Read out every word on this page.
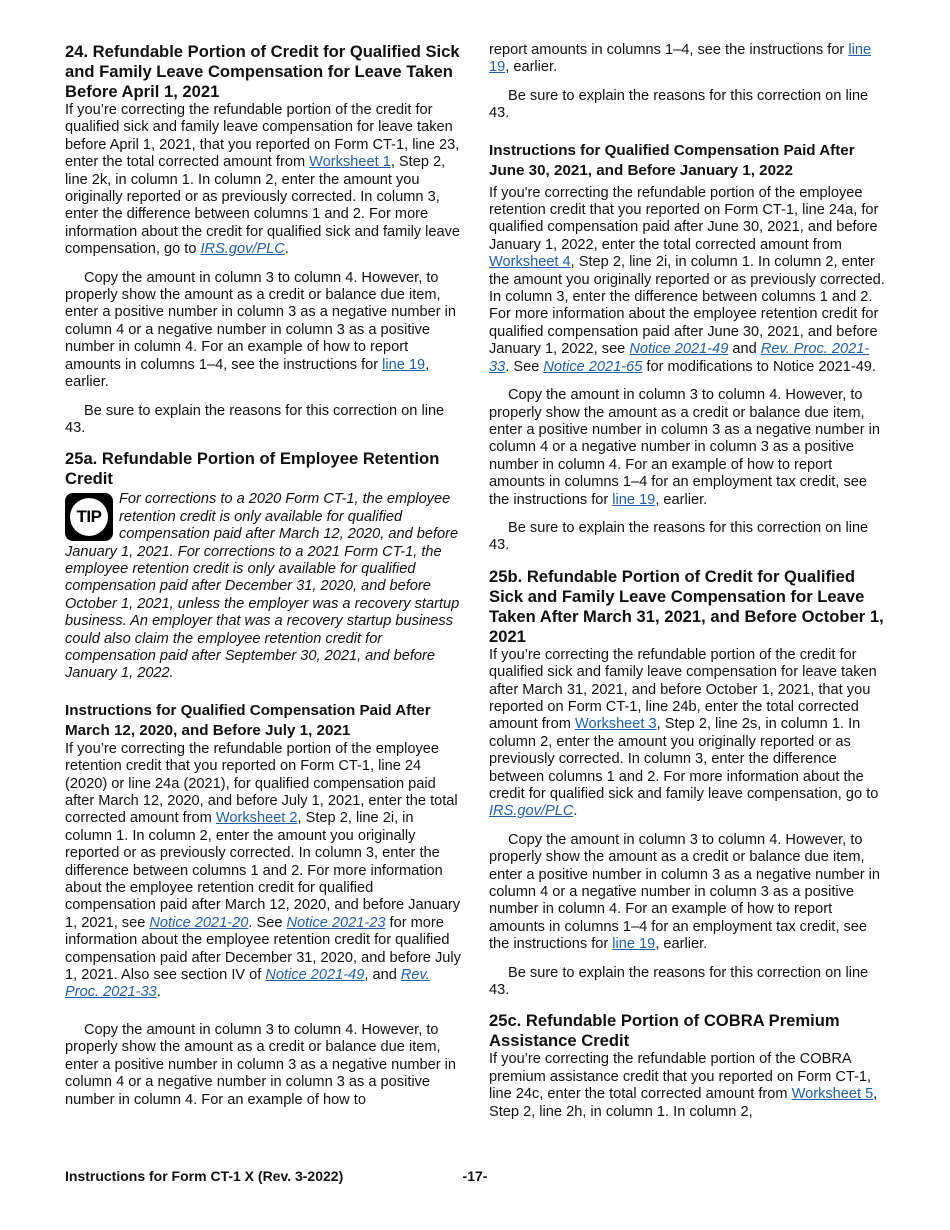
24. Refundable Portion of Credit for Qualified Sick and Family Leave Compensation for Leave Taken Before April 1, 2021

If you’re correcting the refundable portion of the credit for qualified sick and family leave compensation for leave taken before April 1, 2021, that you reported on Form CT-1, line 23, enter the total corrected amount from Worksheet 1, Step 2, line 2k, in column 1. In column 2, enter the amount you originally reported or as previously corrected. In column 3, enter the difference between columns 1 and 2. For more information about the credit for qualified sick and family leave compensation, go to IRS.gov/PLC.

Copy the amount in column 3 to column 4. However, to properly show the amount as a credit or balance due item, enter a positive number in column 3 as a negative number in column 4 or a negative number in column 3 as a positive number in column 4. For an example of how to report amounts in columns 1–4, see the instructions for line 19, earlier.

Be sure to explain the reasons for this correction on line 43.

25a. Refundable Portion of Employee Retention Credit
TIP

For corrections to a 2020 Form CT-1, the employee retention credit is only available for qualified compensation paid after March 12, 2020, and before January 1, 2021. For corrections to a 2021 Form CT-1, the employee retention credit is only available for qualified compensation paid after December 31, 2020, and before October 1, 2021, unless the employer was a recovery startup business. An employer that was a recovery startup business could also claim the employee retention credit for compensation paid after September 30, 2021, and before January 1, 2022.

Instructions for Qualified Compensation Paid After March 12, 2020, and Before July 1, 2021

If you’re correcting the refundable portion of the employee retention credit that you reported on Form CT-1, line 24 (2020) or line 24a (2021), for qualified compensation paid after March 12, 2020, and before July 1, 2021, enter the total corrected amount from Worksheet 2, Step 2, line 2i, in column 1. In column 2, enter the amount you originally reported or as previously corrected. In column 3, enter the difference between columns 1 and 2. For more information about the employee retention credit for qualified compensation paid after March 12, 2020, and before January 1, 2021, see Notice 2021-20. See Notice 2021-23 for more information about the employee retention credit for qualified compensation paid after December 31, 2020, and before July 1, 2021. Also see section IV of Notice 2021-49, and Rev. Proc. 2021-33.

Copy the amount in column 3 to column 4. However, to properly show the amount as a credit or balance due item, enter a positive number in column 3 as a negative number in column 4 or a negative number in column 3 as a positive number in column 4. For an example of how to

report amounts in columns 1–4, see the instructions for line 19, earlier.

Be sure to explain the reasons for this correction on line 43.

Instructions for Qualified Compensation Paid After June 30, 2021, and Before January 1, 2022

If you're correcting the refundable portion of the employee retention credit that you reported on Form CT-1, line 24a, for qualified compensation paid after June 30, 2021, and before January 1, 2022, enter the total corrected amount from Worksheet 4, Step 2, line 2i, in column 1. In column 2, enter the amount you originally reported or as previously corrected. In column 3, enter the difference between columns 1 and 2. For more information about the employee retention credit for qualified compensation paid after June 30, 2021, and before January 1, 2022, see Notice 2021-49 and Rev. Proc. 2021-33. See Notice 2021-65 for modifications to Notice 2021-49.

Copy the amount in column 3 to column 4. However, to properly show the amount as a credit or balance due item, enter a positive number in column 3 as a negative number in column 4 or a negative number in column 3 as a positive number in column 4. For an example of how to report amounts in columns 1–4 for an employment tax credit, see the instructions for line 19, earlier.

Be sure to explain the reasons for this correction on line 43.

25b. Refundable Portion of Credit for Qualified Sick and Family Leave Compensation for Leave Taken After March 31, 2021, and Before October 1, 2021

If you’re correcting the refundable portion of the credit for qualified sick and family leave compensation for leave taken after March 31, 2021, and before October 1, 2021, that you reported on Form CT-1, line 24b, enter the total corrected amount from Worksheet 3, Step 2, line 2s, in column 1. In column 2, enter the amount you originally reported or as previously corrected. In column 3, enter the difference between columns 1 and 2. For more information about the credit for qualified sick and family leave compensation, go to IRS.gov/PLC.

Copy the amount in column 3 to column 4. However, to properly show the amount as a credit or balance due item, enter a positive number in column 3 as a negative number in column 4 or a negative number in column 3 as a positive number in column 4. For an example of how to report amounts in columns 1–4 for an employment tax credit, see the instructions for line 19, earlier.

Be sure to explain the reasons for this correction on line 43.

25c. Refundable Portion of COBRA Premium Assistance Credit

If you’re correcting the refundable portion of the COBRA premium assistance credit that you reported on Form CT-1, line 24c, enter the total corrected amount from Worksheet 5, Step 2, line 2h, in column 1. In column 2,

-17-
Instructions for Form CT-1 X (Rev. 3-2022)
